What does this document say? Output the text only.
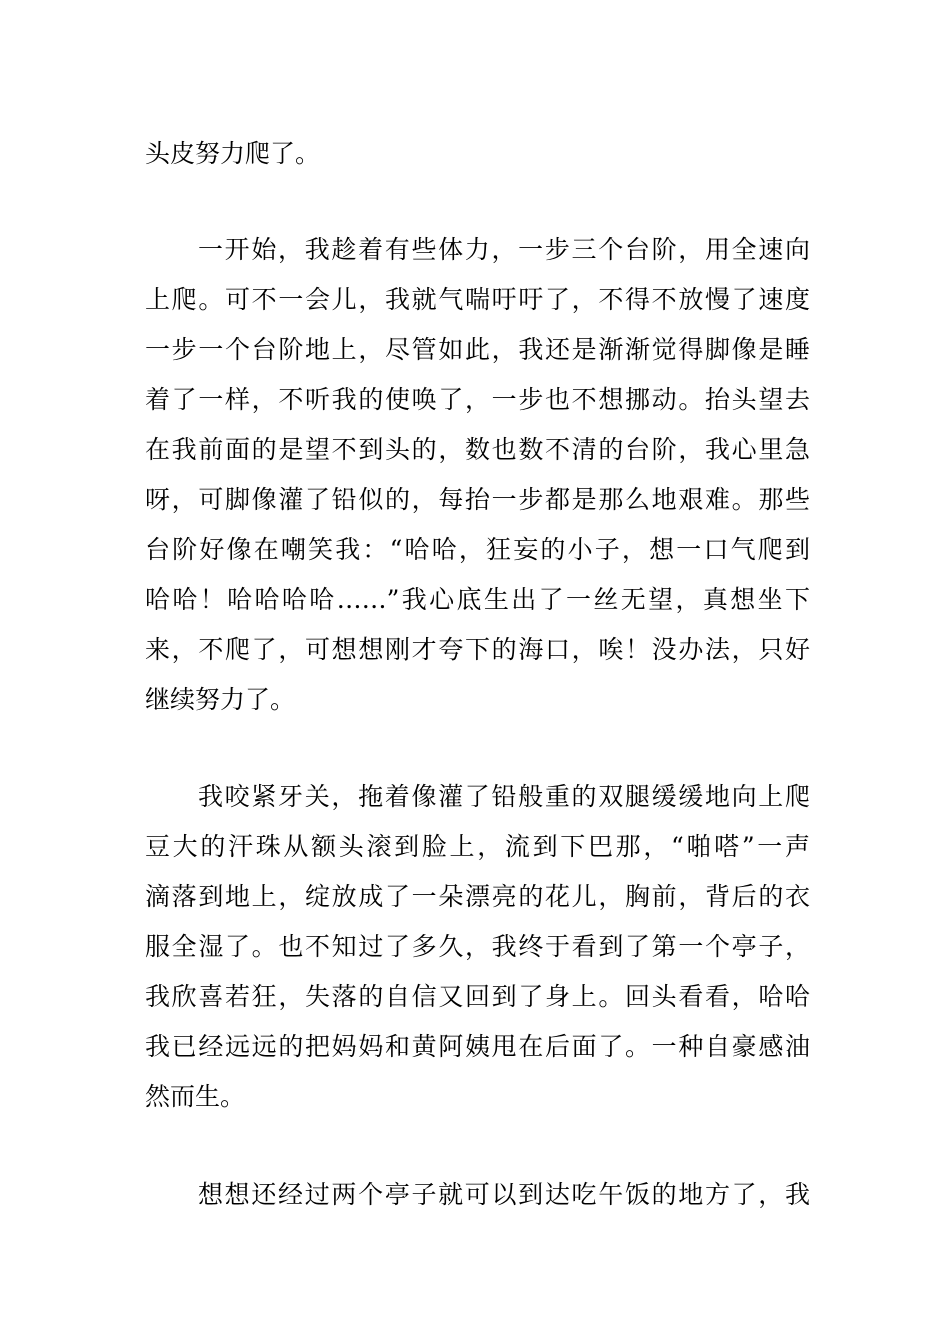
头皮努力爬了。
一开始，我趁着有些体力，一步三个台阶，用全速向
上爬。可不一会儿，我就气喘吁吁了，不得不放慢了速度
一步一个台阶地上，尽管如此，我还是渐渐觉得脚像是睡
着了一样，不听我的使唤了，一步也不想挪动。抬头望去
在我前面的是望不到头的，数也数不清的台阶，我心里急
呀，可脚像灌了铅似的，每抬一步都是那么地艰难。那些
台阶好像在嘲笑我：“哈哈，狂妄的小子，想一口气爬到
哈哈！哈哈哈哈……”我心底生出了一丝无望，真想坐下
来，不爬了，可想想刚才夸下的海口，唉！没办法，只好
继续努力了。
我咬紧牙关，拖着像灌了铅般重的双腿缓缓地向上爬
豆大的汗珠从额头滚到脸上，流到下巴那，“啪嗒”一声
滴落到地上，绽放成了一朵漂亮的花儿，胸前，背后的衣
服全湿了。也不知过了多久，我终于看到了第一个亭子，
我欣喜若狂，失落的自信又回到了身上。回头看看，哈哈
我已经远远的把妈妈和黄阿姨甩在后面了。一种自豪感油
然而生。
想想还经过两个亭子就可以到达吃午饭的地方了，我
